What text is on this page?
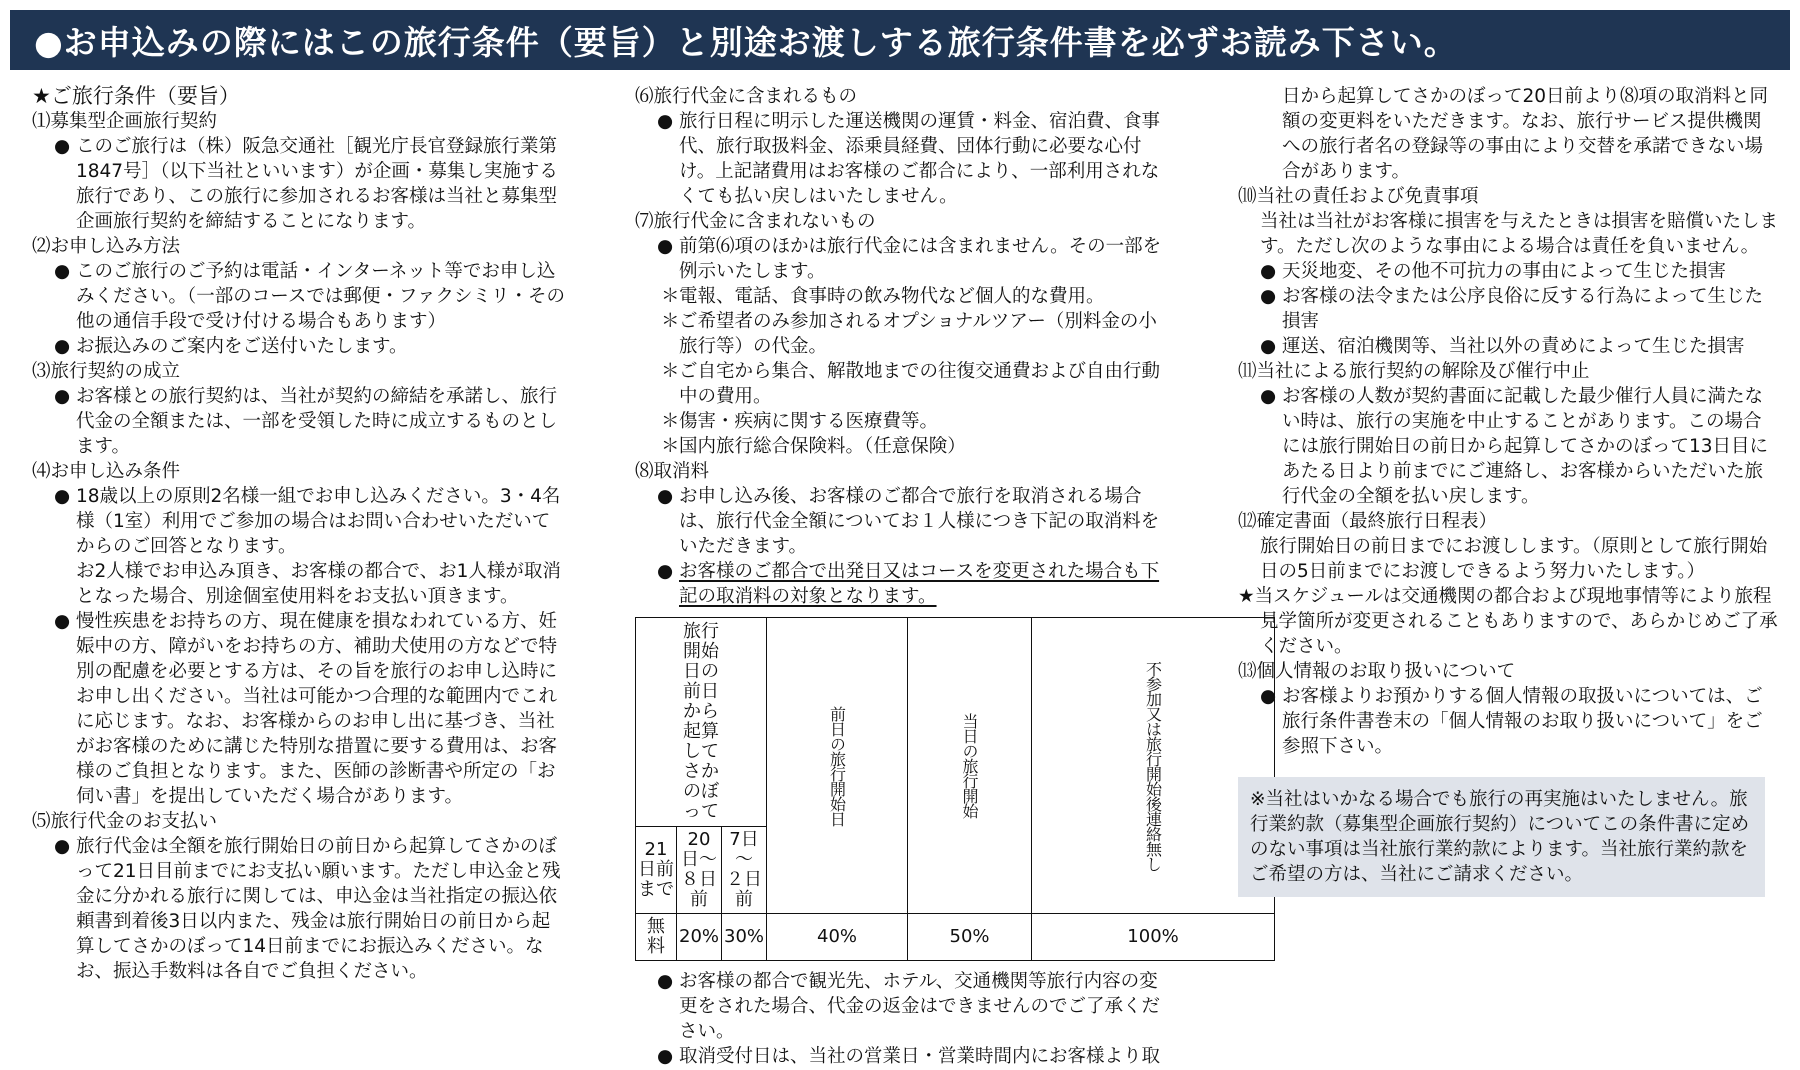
●お申込みの際にはこの旅行条件（要旨）と別途お渡しする旅行条件書を必ずお読み下さい。
★ご旅行条件（要旨）
⑴募集型企画旅行契約
● このご旅行は（株）阪急交通社［観光庁長官登録旅行業第1847号］（以下当社といいます）が企画・募集し実施する旅行であり、この旅行に参加されるお客様は当社と募集型企画旅行契約を締結することになります。
⑵お申し込み方法
● このご旅行のご予約は電話・インターネット等でお申し込みください。（一部のコースでは郵便・ファクシミリ・その他の通信手段で受け付ける場合もあります）
● お振込みのご案内をご送付いたします。
⑶旅行契約の成立
● お客様との旅行契約は、当社が契約の締結を承諾し、旅行代金の全額または、一部を受領した時に成立するものとします。
⑷お申し込み条件
● 18歳以上の原則2名様一組でお申し込みください。3・4名様（1室）利用でご参加の場合はお問い合わせいただいてからのご回答となります。
お2人様でお申込み頂き、お客様の都合で、お1人様が取消となった場合、別途個室使用料をお支払い頂きます。
● 慢性疾患をお持ちの方、現在健康を損なわれている方、妊娠中の方、障がいをお持ちの方、補助犬使用の方などで特別の配慮を必要とする方は、その旨を旅行のお申し込時にお申し出ください。当社は可能かつ合理的な範囲内でこれに応じます。なお、お客様からのお申し出に基づき、当社がお客様のために講じた特別な措置に要する費用は、お客様のご負担となります。また、医師の診断書や所定の「お伺い書」を提出していただく場合があります。
⑸旅行代金のお支払い
● 旅行代金は全額を旅行開始日の前日から起算してさかのぼって21日目前までにお支払い願います。ただし申込金と残金に分かれる旅行に関しては、申込金は当社指定の振込依頼書到着後3日以内また、残金は旅行開始日の前日から起算してさかのぼって14日前までにお振込みください。なお、振込手数料は各自でご負担ください。
⑹旅行代金に含まれるもの
● 旅行日程に明示した運送機関の運賃・料金、宿泊費、食事代、旅行取扱料金、添乗員経費、団体行動に必要な心付け。上記諸費用はお客様のご都合により、一部利用されなくても払い戻しはいたしません。
⑺旅行代金に含まれないもの
● 前第⑹項のほかは旅行代金には含まれません。その一部を例示いたします。
＊ 電報、電話、食事時の飲み物代など個人的な費用。
＊ ご希望者のみ参加されるオプショナルツアー（別料金の小旅行等）の代金。
＊ ご自宅から集合、解散地までの往復交通費および自由行動中の費用。
＊ 傷害・疾病に関する医療費等。
＊ 国内旅行総合保険料。（任意保険）
⑻取消料
● お申し込み後、お客様のご都合で旅行を取消される場合は、旅行代金全額についてお１人様につき下記の取消料をいただきます。
● お客様のご都合で出発日又はコースを変更された場合も下記の取消料の対象となります。
旅行開始日の前日から起算してさかのぼって			前日の旅行開始日	当日の旅行開始	不参加又は旅行開始後連絡無し
21日前まで	20日～ ８日前	7日～ ２日前			
無　料	20%	30%	40%	50%	100%
● お客様の都合で観光先、ホテル、交通機関等旅行内容の変更をされた場合、代金の返金はできませんのでご了承ください。
● 取消受付日は、当社の営業日・営業時間内にお客様より取
日から起算してさかのぼって20日前より⑻項の取消料と同額の変更料をいただきます。なお、旅行サービス提供機関への旅行者名の登録等の事由により交替を承諾できない場合があります。
⑽当社の責任および免責事項
当社は当社がお客様に損害を与えたときは損害を賠償いたします。ただし次のような事由による場合は責任を負いません。
● 天災地変、その他不可抗力の事由によって生じた損害
● お客様の法令または公序良俗に反する行為によって生じた損害
● 運送、宿泊機関等、当社以外の責めによって生じた損害
⑾当社による旅行契約の解除及び催行中止
● お客様の人数が契約書面に記載した最少催行人員に満たない時は、旅行の実施を中止することがあります。この場合には旅行開始日の前日から起算してさかのぼって13日目にあたる日より前までにご連絡し、お客様からいただいた旅行代金の全額を払い戻します。
⑿確定書面（最終旅行日程表）
旅行開始日の前日までにお渡しします。（原則として旅行開始日の5日前までにお渡しできるよう努力いたします。）
★当スケジュールは交通機関の都合および現地事情等により旅程見学箇所が変更されることもありますので、あらかじめご了承ください。
⒀個人情報のお取り扱いについて
● お客様よりお預かりする個人情報の取扱いについては、ご旅行条件書巻末の「個人情報のお取り扱いについて」をご参照下さい。
※当社はいかなる場合でも旅行の再実施はいたしません。旅行業約款（募集型企画旅行契約）についてこの条件書に定めのない事項は当社旅行業約款によります。当社旅行業約款をご希望の方は、当社にご請求ください。
